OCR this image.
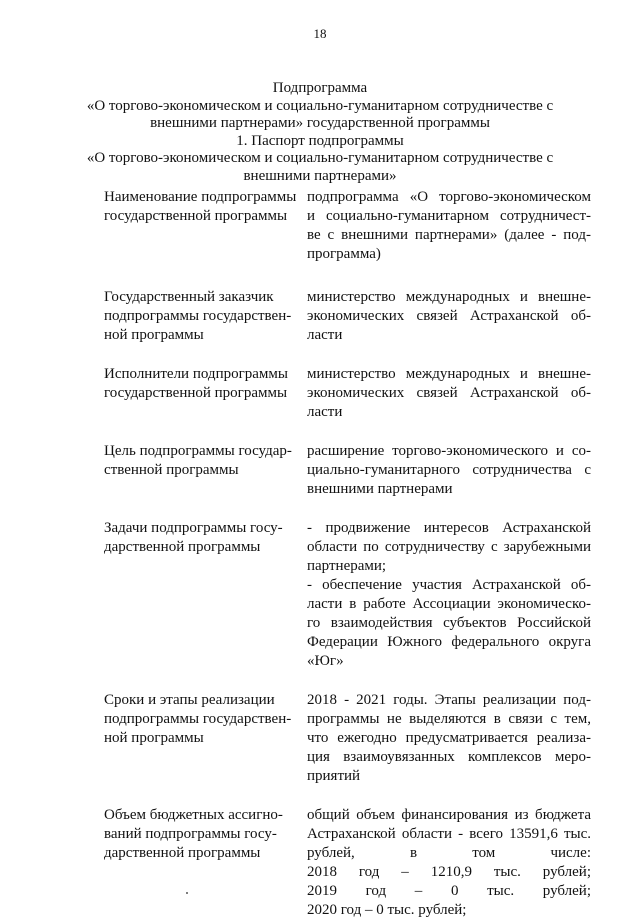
18
Подпрограмма
«О торгово-экономическом и социально-гуманитарном сотрудничестве с
внешними партнерами» государственной программы
1. Паспорт подпрограммы
«О торгово-экономическом и социально-гуманитарном сотрудничестве с
внешними партнерами»
Наименование подпрограммы
государственной программы
подпрограмма «О торгово-экономическом
и социально-гуманитарном сотрудничест-
ве с внешними партнерами» (далее - под-
программа)
Государственный заказчик
подпрограммы государствен-
ной программы
министерство международных и внешне-
экономических связей Астраханской об-
ласти
Исполнители подпрограммы
государственной программы
министерство международных и внешне-
экономических связей Астраханской об-
ласти
Цель подпрограммы государ-
ственной программы
расширение торгово-экономического и со-
циально-гуманитарного сотрудничества с
внешними партнерами
Задачи подпрограммы госу-
дарственной программы
- продвижение интересов Астраханской
области по сотрудничеству с зарубежными
партнерами;
- обеспечение участия Астраханской об-
ласти в работе Ассоциации экономическо-
го взаимодействия субъектов Российской
Федерации Южного федерального округа
«Юг»
Сроки и этапы реализации
подпрограммы государствен-
ной программы
2018 - 2021 годы. Этапы реализации под-
программы не выделяются в связи с тем,
что ежегодно предусматривается реализа-
ция взаимоувязанных комплексов меро-
приятий
Объем бюджетных ассигно-
ваний подпрограммы госу-
дарственной программы
общий объем финансирования из бюджета
Астраханской области - всего 13591,6 тыс.
рублей, в том числе:
2018 год – 1210,9 тыс. рублей;
2019 год – 0 тыс. рублей;
2020 год – 0 тыс. рублей;
